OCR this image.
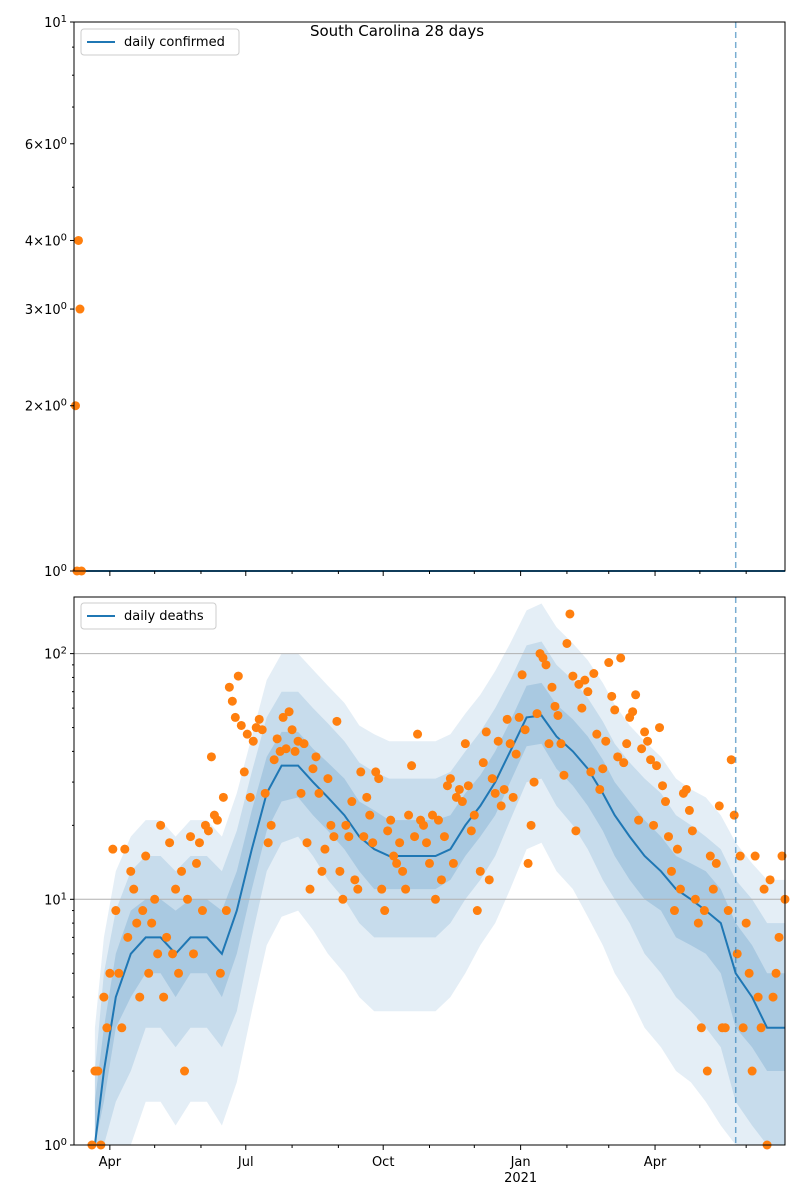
$10^0$
$2\times 10^0$
$3\times 10^0$
$4\times 10^0$
$6\times 10^0$
$10^1$
South Carolina 28 days
daily confirmed
$10^0$
$10^1$
$10^2$
Apr	Jul	Oct	Jan	Apr
2021
daily deaths
